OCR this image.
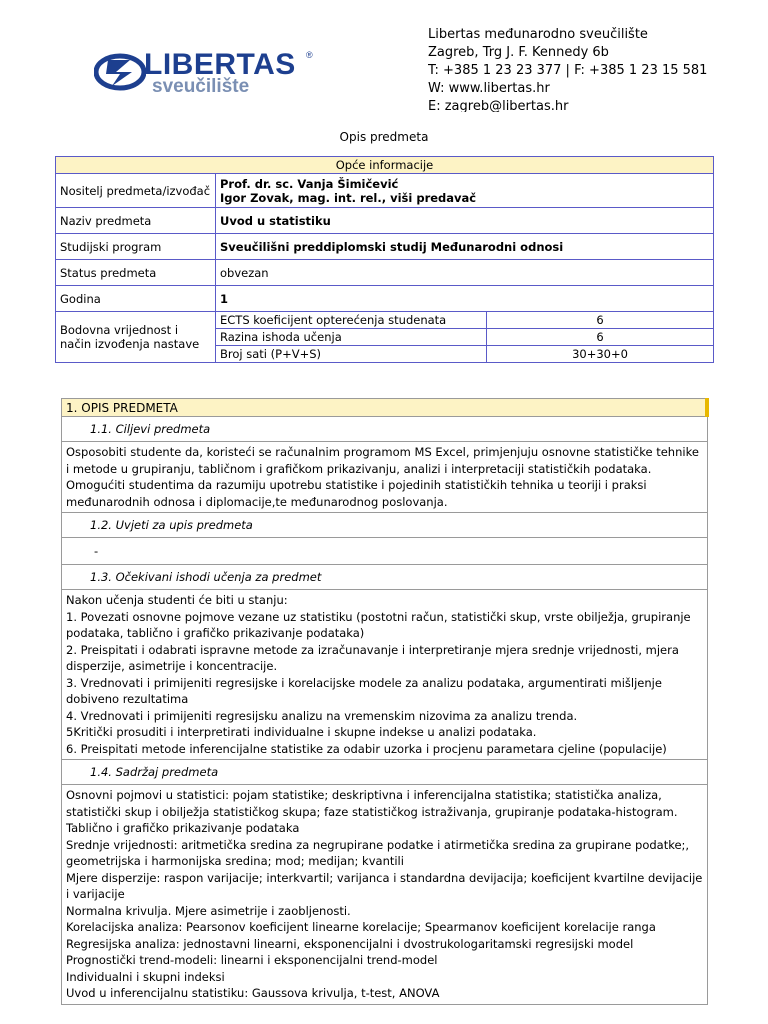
LIBERTAS ®
sveučilište
Libertas međunarodno sveučilište
Zagreb, Trg J. F. Kennedy 6b
T: +385 1 23 23 377 | F: +385 1 23 15 581
W: www.libertas.hr
E: zagreb@libertas.hr
Opis predmeta
Opće informacije		
Nositelj predmeta/izvođač	Prof. dr. sc. Vanja Šimičević
Igor Zovak, mag. int. rel., viši predavač	

Naziv predmeta	Uvod u statistiku	
Studijski program	Sveučilišni preddiplomski studij Međunarodni odnosi	
Status predmeta	obvezan	
Godina	1	
Bodovna vrijednost i način izvođenja nastave	ECTS koeficijent opterećenja studenata	6
	Razina ishoda učenja	6
	Broj sati (P+V+S)	30+30+0
1. OPIS PREDMETA
1.1. Ciljevi predmeta
Osposobiti studente da, koristeći se računalnim programom MS Excel, primjenjuju osnovne statističke tehnike i metode u grupiranju, tabličnom i grafičkom prikazivanju, analizi i interpretaciji statističkih podataka. Omogućiti studentima da razumiju upotrebu statistike i pojedinih statističkih tehnika u teoriji i praksi međunarodnih odnosa i diplomacije,te međunarodnog poslovanja.
1.2. Uvjeti za upis predmeta
-
1.3. Očekivani ishodi učenja za predmet

Nakon učenja studenti će biti u stanju:
1. Povezati osnovne pojmove vezane uz statistiku (postotni račun, statistički skup, vrste obilježja, grupiranje podataka, tablično i grafičko prikazivanje podataka)
2. Preispitati i odabrati ispravne metode za izračunavanje i interpretiranje mjera srednje vrijednosti, mjera disperzije, asimetrije i koncentracije.
3. Vrednovati i primijeniti regresijske i korelacijske modele za analizu podataka, argumentirati mišljenje dobiveno rezultatima
4. Vrednovati i primijeniti regresijsku analizu na vremenskim nizovima za analizu trenda.
5Kritički prosuditi i interpretirati individualne i skupne indekse u analizi podataka.
6. Preispitati metode inferencijalne statistike za odabir uzorka i procjenu parametara cjeline (populacije)

1.4. Sadržaj predmeta

Osnovni pojmovi u statistici: pojam statistike; deskriptivna i inferencijalna statistika; statistička analiza, statistički skup i obilježja statističkog skupa; faze statističkog istraživanja, grupiranje podataka-histogram.
Tablično i grafičko prikazivanje podataka
Srednje vrijednosti: aritmetička sredina za negrupirane podatke i atirmetička sredina za grupirane podatke;, geometrijska i harmonijska sredina; mod; medijan; kvantili
Mjere disperzije: raspon varijacije; interkvartil; varijanca i standardna devijacija; koeficijent kvartilne devijacije i varijacije
Normalna krivulja. Mjere asimetrije i zaobljenosti.
Korelacijska analiza: Pearsonov koeficijent linearne korelacije; Spearmanov koeficijent korelacije ranga
Regresijska analiza: jednostavni linearni, eksponencijalni i dvostrukologaritamski regresijski model
Prognostički trend-modeli: linearni i eksponencijalni trend-model
Individualni i skupni indeksi
Uvod u inferencijalnu statistiku: Gaussova krivulja, t-test, ANOVA
